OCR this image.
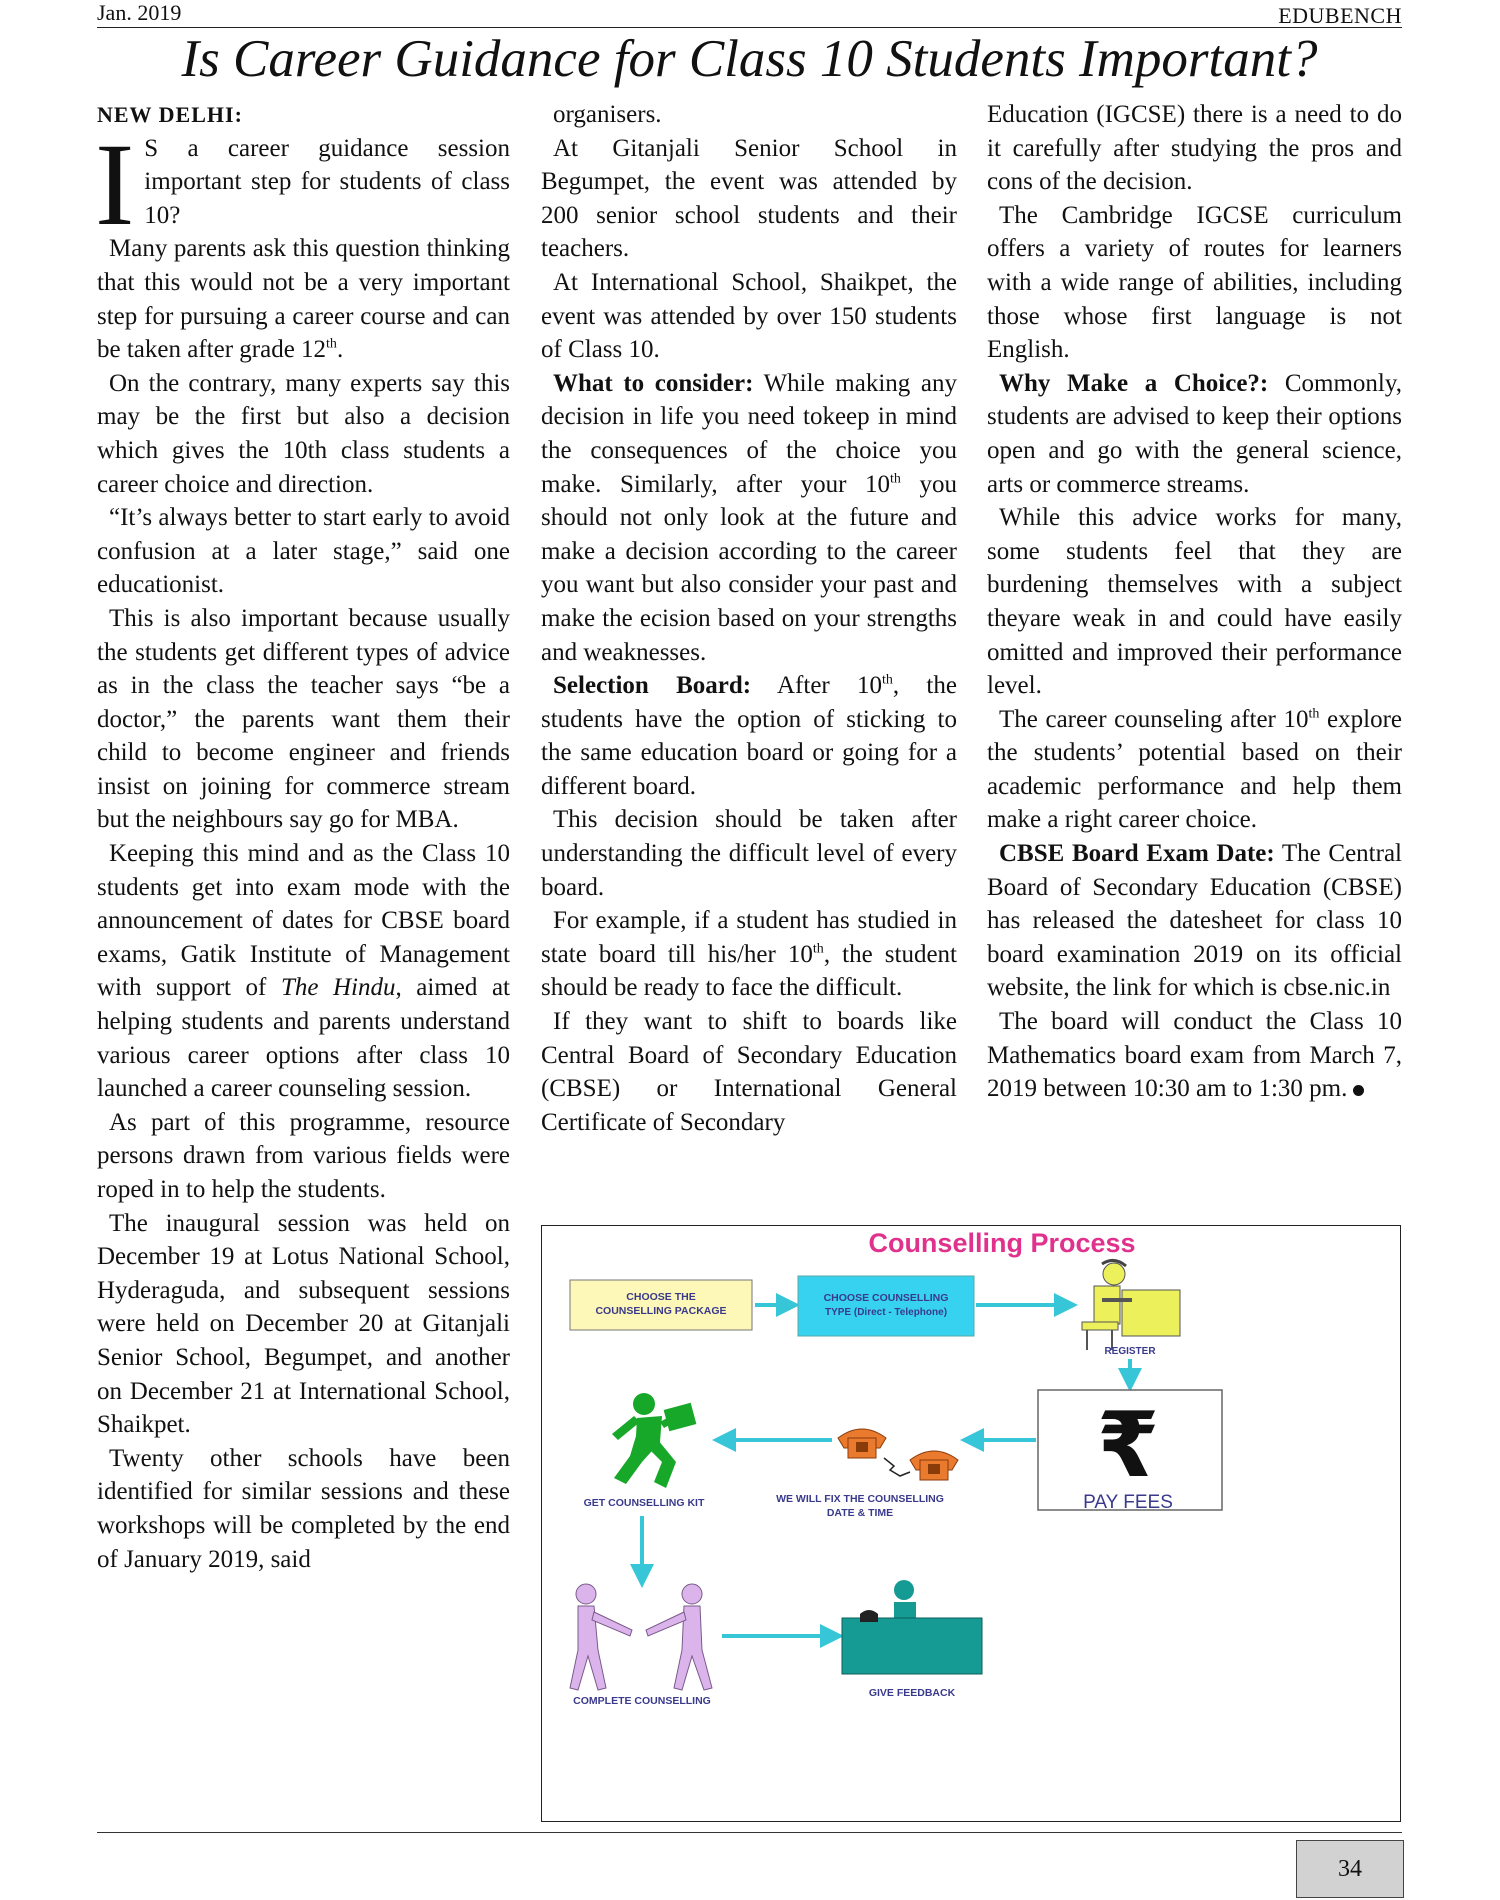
Jan. 2019	EDUBENCH
Is Career Guidance for Class 10 Students Important?

NEW DELHI:

I S a career guidance session important step for students of class 10?

Many parents ask this question thinking that this would not be a very important step for pursuing a career course and can be taken after grade 12th.

On the contrary, many experts say this may be the first but also a decision which gives the 10th class students a career choice and direction.

“It’s always better to start early to avoid confusion at a later stage,” said one educationist.

This is also important because usually the students get different types of advice as in the class the teacher says “be a doctor,” the parents want them their child to become engineer and friends insist on joining for commerce stream but the neighbours say go for MBA.

Keeping this mind and as the Class 10 students get into exam mode with the announcement of dates for CBSE board exams, Gatik Institute of Management with support of The Hindu, aimed at helping students and parents understand various career options after class 10 launched a career counseling session.

As part of this programme, resource persons drawn from various fields were roped in to help the students.

The inaugural session was held on December 19 at Lotus National School, Hyderaguda, and subsequent sessions were held on December 20 at Gitanjali Senior School, Begumpet, and another on December 21 at International School, Shaikpet.

Twenty other schools have been identified for similar sessions and these workshops will be completed by the end of January 2019, said

organisers.

At Gitanjali Senior School in Begumpet, the event was attended by 200 senior school students and their teachers.

At International School, Shaikpet, the event was attended by over 150 students of Class 10.

What to consider: While making any decision in life you need tokeep in mind the consequences of the choice you make. Similarly, after your 10th you should not only look at the future and make a decision according to the career you want but also consider your past and make the ecision based on your strengths and weaknesses.

Selection Board: After 10th, the students have the option of sticking to the same education board or going for a different board.

This decision should be taken after understanding the difficult level of every board.

For example, if a student has studied in state board till his/her 10th, the student should be ready to face the difficult.

If they want to shift to boards like Central Board of Secondary Education (CBSE) or International General Certificate of Secondary

Education (IGCSE) there is a need to do it carefully after studying the pros and cons of the decision.

The Cambridge IGCSE curriculum offers a variety of routes for learners with a wide range of abilities, including those whose first language is not English.

Why Make a Choice?: Commonly, students are advised to keep their options open and go with the general science, arts or commerce streams.

While this advice works for many, some students feel that they are burdening themselves with a subject theyare weak in and could have easily omitted and improved their performance level.

The career counseling after 10th explore the students’ potential based on their academic performance and help them make a right career choice.

CBSE Board Exam Date: The Central Board of Secondary Education (CBSE) has released the datesheet for class 10 board examination 2019 on its official website, the link for which is cbse.nic.in

The board will conduct the Class 10 Mathematics board exam from March 7, 2019 between 10:30 am to 1:30 pm.

Counselling Process
CHOOSE THE
COUNSELLING PACKAGE
CHOOSE COUNSELLING
TYPE (Direct - Telephone)
REGISTER
₹
PAY FEES
WE WILL FIX THE COUNSELLING
DATE & TIME
GET COUNSELLING KIT
COMPLETE COUNSELLING
GIVE FEEDBACK
34
